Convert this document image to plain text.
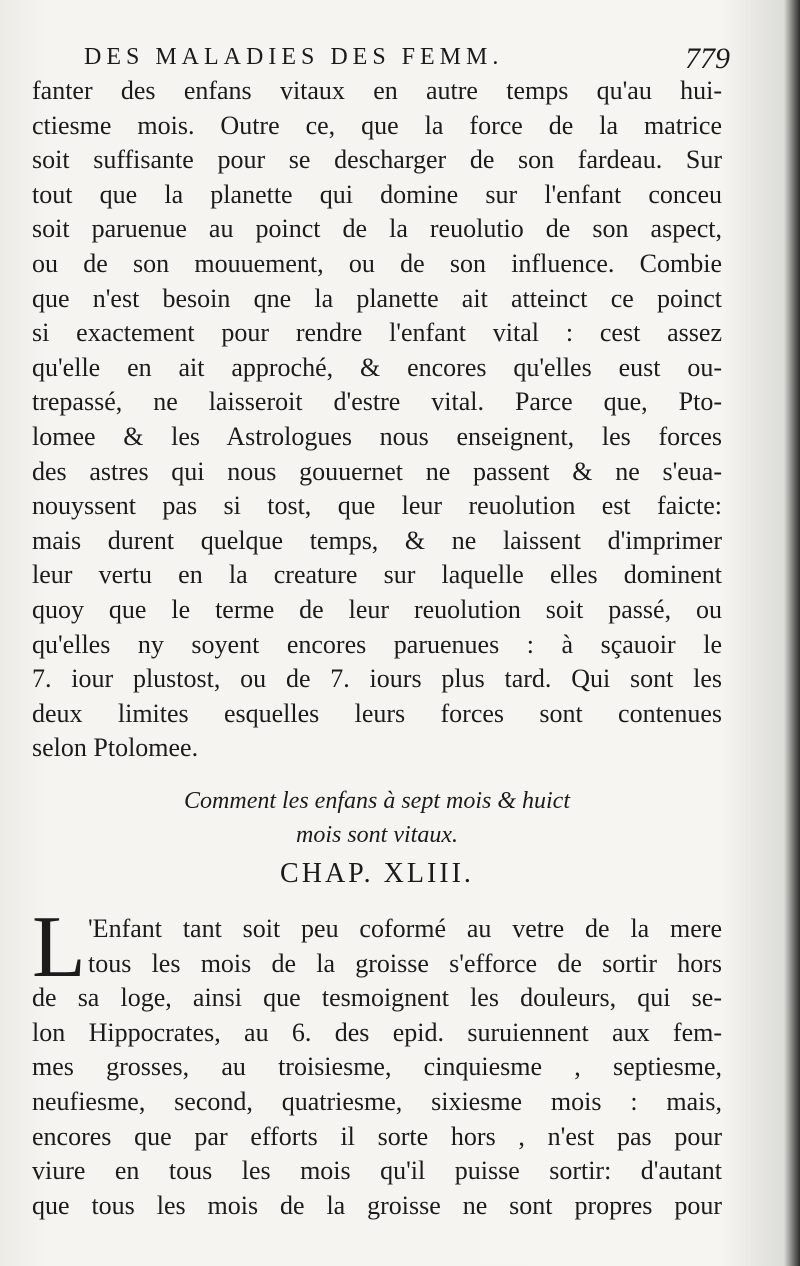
DES MALADIES DES FEMM.	779
fanter des enfans vitaux en autre temps qu'au hui-
ctiesme mois. Outre ce, que la force de la matrice
soit suffisante pour se descharger de son fardeau. Sur
tout que la planette qui domine sur l'enfant conceu
soit paruenue au poinct de la reuolutio de son aspect,
ou de son mouuement, ou de son influence. Combie
que n'est besoin qne la planette ait atteinct ce poinct
si exactement pour rendre l'enfant vital : cest assez
qu'elle en ait approché, & encores qu'elles eust ou-
trepassé, ne laisseroit d'estre vital. Parce que, Pto-
lomee & les Astrologues nous enseignent, les forces
des astres qui nous gouuernet ne passent & ne s'eua-
nouyssent pas si tost, que leur reuolution est faicte:
mais durent quelque temps, & ne laissent d'imprimer
leur vertu en la creature sur laquelle elles dominent
quoy que le terme de leur reuolution soit passé, ou
qu'elles ny soyent encores paruenues : à sçauoir le
7. iour plustost, ou de 7. iours plus tard. Qui sont les
deux limites esquelles leurs forces sont contenues
selon Ptolomee.
Comment les enfans à sept mois & huict
mois sont vitaux.
CHAP. XLIII.
L 'Enfant tant soit peu coformé au vetre de la mere
tous les mois de la groisse s'efforce de sortir hors
de sa loge, ainsi que tesmoignent les douleurs, qui se-
lon Hippocrates, au 6. des epid. suruiennent aux fem-
mes grosses, au troisiesme, cinquiesme , septiesme,
neufiesme, second, quatriesme, sixiesme mois : mais,
encores que par efforts il sorte hors , n'est pas pour
viure en tous les mois qu'il puisse sortir: d'autant
que tous les mois de la groisse ne sont propres pour
